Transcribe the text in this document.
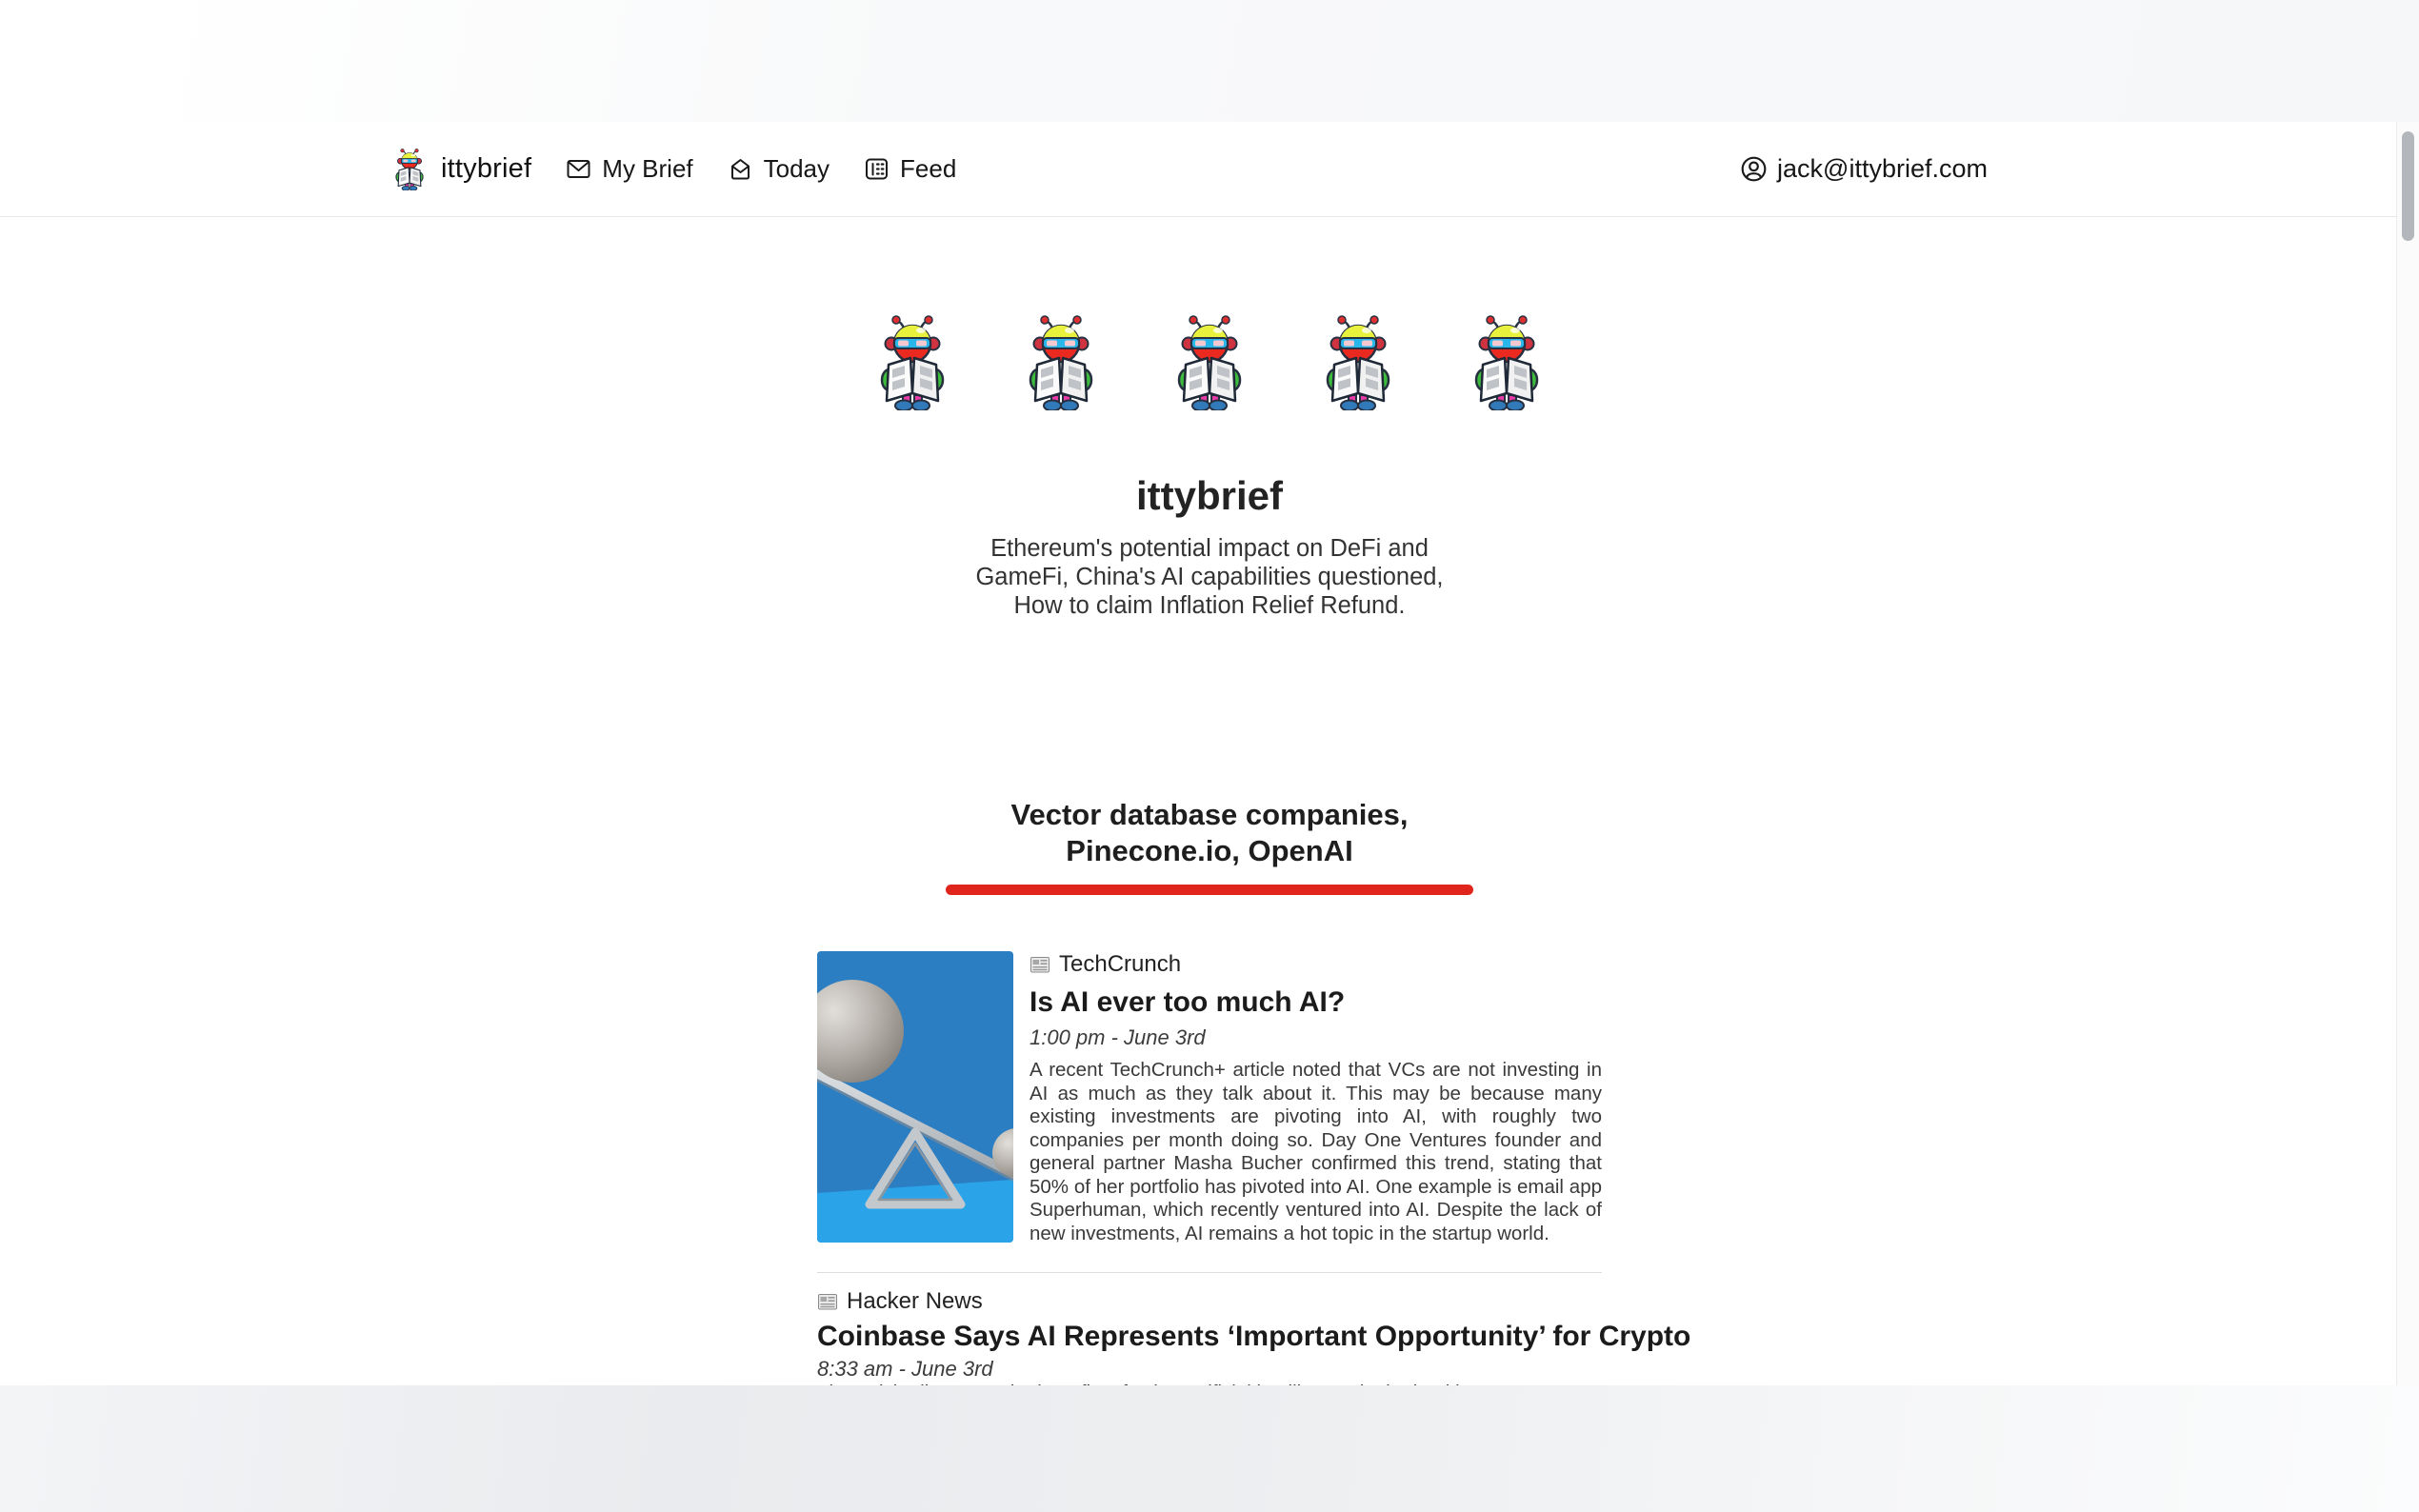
ittybrief	My Brief	Today	Feed	jack@ittybrief.com
ittybrief

Ethereum's potential impact on DeFi and GameFi, China's AI capabilities questioned, How to claim Inflation Relief Refund.

Vector database companies, Pinecone.io, OpenAI
TechCrunch
Is AI ever too much AI?
1:00 pm - June 3rd

A recent TechCrunch+ article noted that VCs are not investing in AI as much as they talk about it. This may be because many existing investments are pivoting into AI, with roughly two companies per month doing so. Day One Ventures founder and general partner Masha Bucher confirmed this trend, stating that 50% of her portfolio has pivoted into AI. One example is email app Superhuman, which recently ventured into AI. Despite the lack of new investments, AI remains a hot topic in the startup world.

Hacker News
Coinbase Says AI Represents ‘Important Opportunity’ for Crypto
8:33 am - June 3rd
